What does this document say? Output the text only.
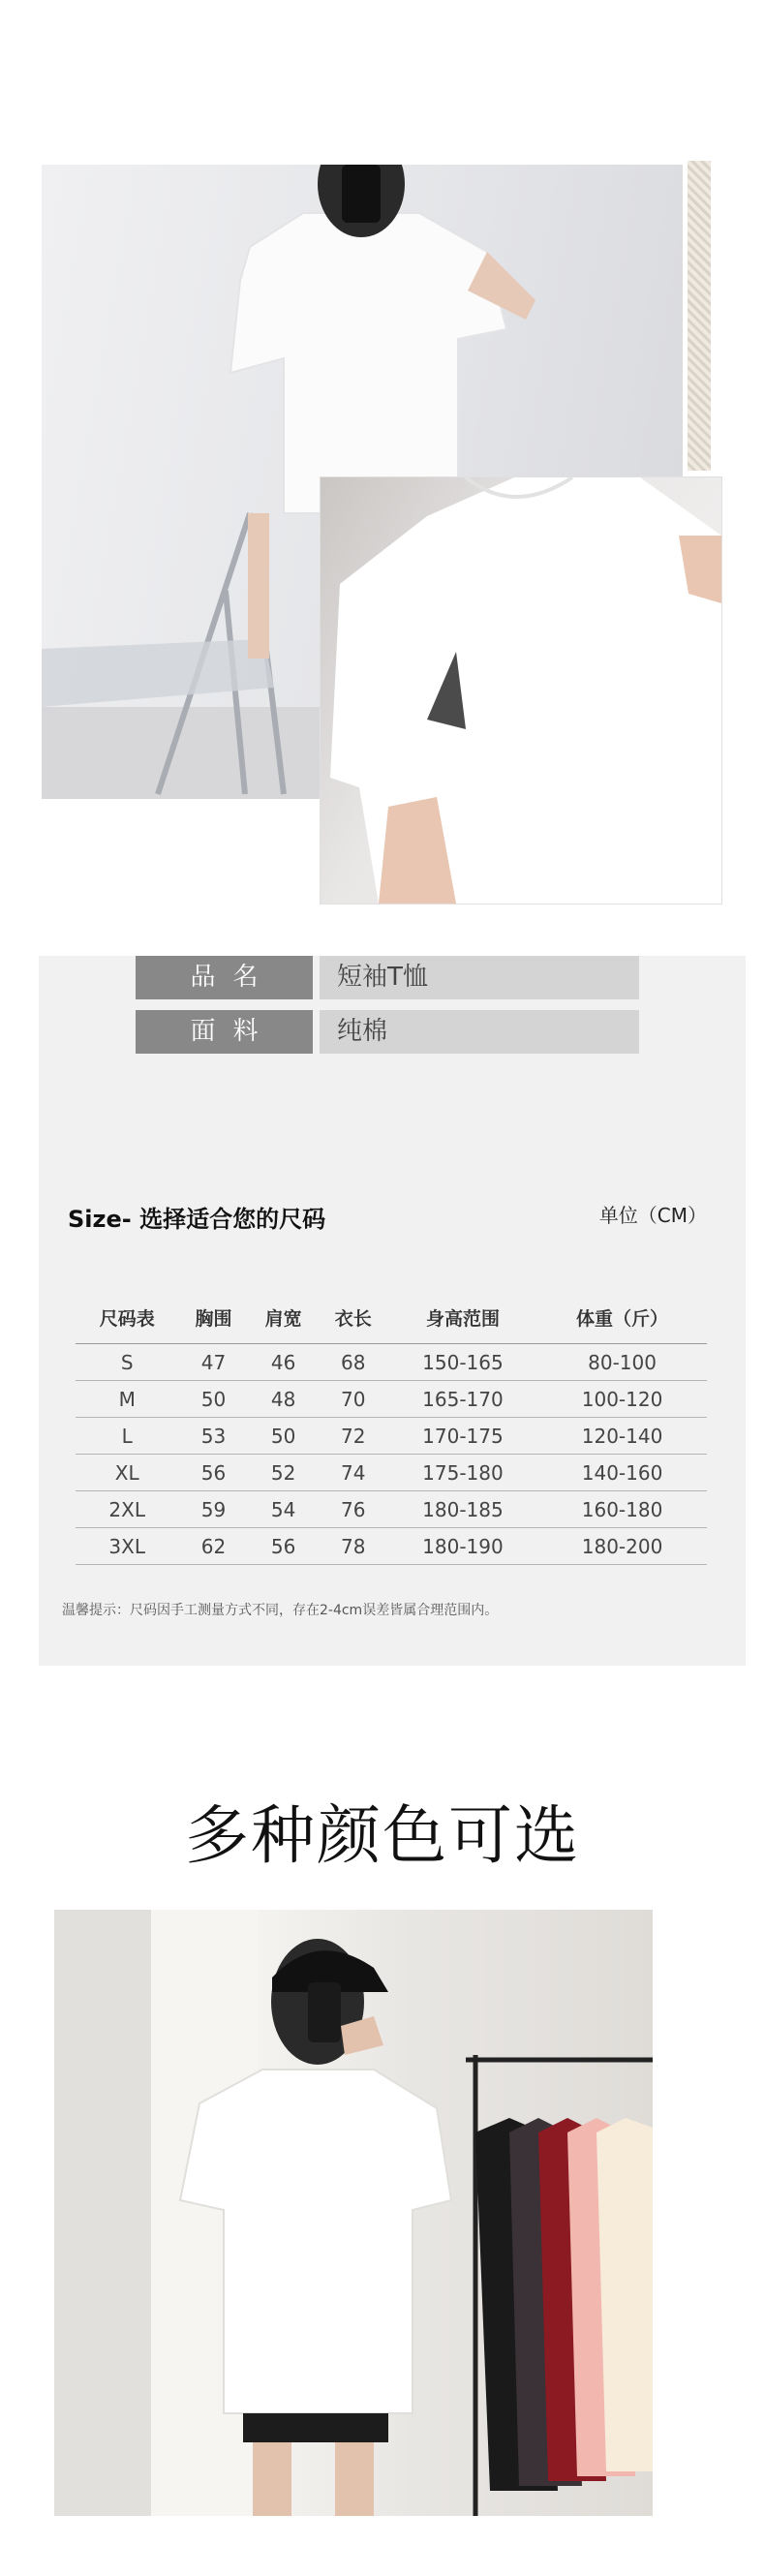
品名	短袖T恤
面料	纯棉
Size- 选择适合您的尺码	单位（CM）
尺码表	胸围	肩宽	衣长	身高范围	体重（斤）
S	47	46	68	150-165	80-100
M	50	48	70	165-170	100-120
L	53	50	72	170-175	120-140
XL	56	52	74	175-180	140-160
2XL	59	54	76	180-185	160-180
3XL	62	56	78	180-190	180-200
温馨提示：尺码因手工测量方式不同，存在2-4cm误差皆属合理范围内。
多种颜色可选
